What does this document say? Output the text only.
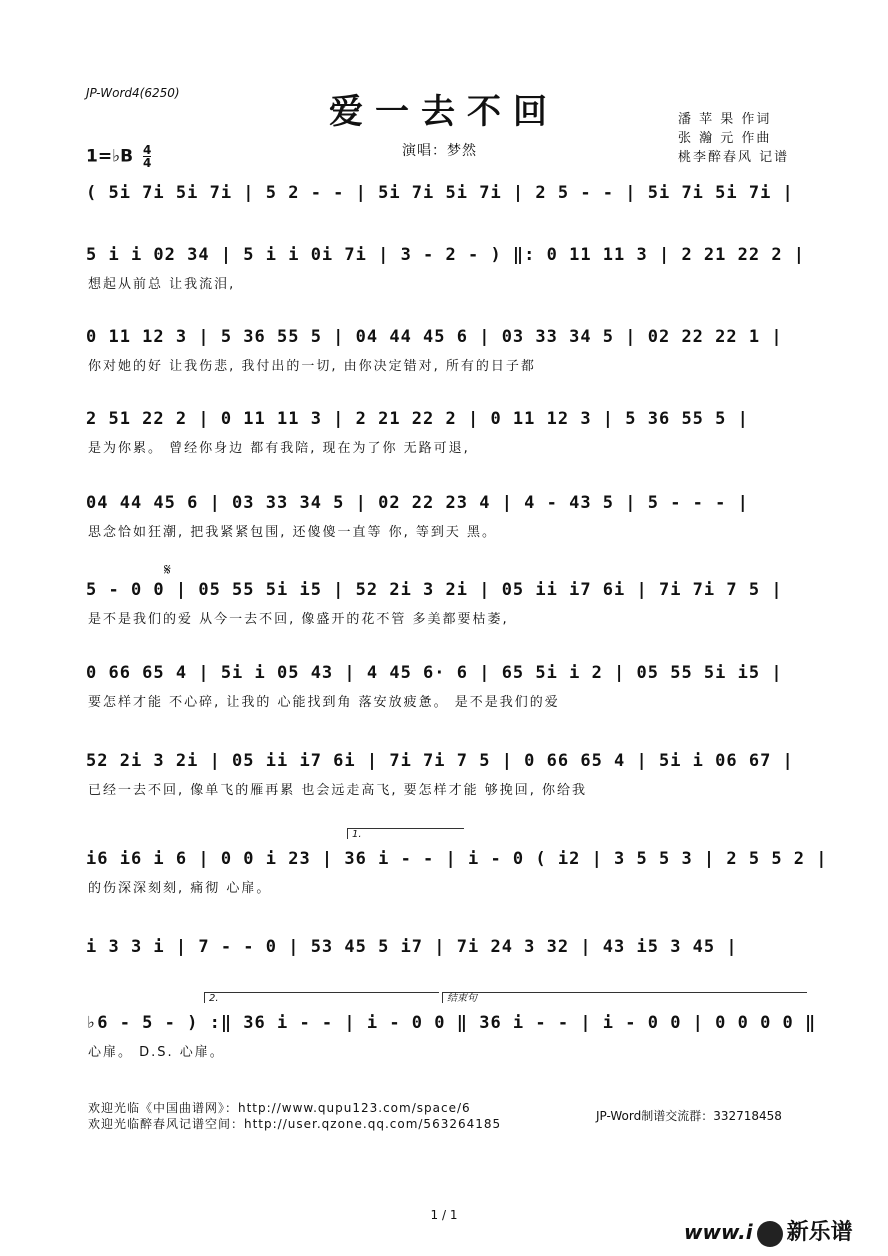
JP-Word4(6250)	爱一去不回	潘 苹 果 作词
张 瀚 元 作曲
桃李醉春风 记谱
1=♭B $\frac{4}{4}$	演唱：梦然
( 5i 7i 5i 7i | 5 2 - - | 5i 7i 5i 7i | 2 5 - - | 5i 7i 5i 7i |
5 i i 02 34 | 5 i i 0i 7i | 3 - 2 - ) ‖: 0 11 11 3 | 2 21 22 2 |
想起从前总 让我流泪,
0 11 12 3 | 5 36 55 5 | 04 44 45 6 | 03 33 34 5 | 02 22 22 1 |
你对她的好 让我伤悲, 我付出的一切, 由你决定错对, 所有的日子都
2 51 22 2 | 0 11 11 3 | 2 21 22 2 | 0 11 12 3 | 5 36 55 5 |
是为你累。 曾经你身边 都有我陪, 现在为了你 无路可退,
04 44 45 6 | 03 33 34 5 | 02 22 23 4 | 4 - 43 5 | 5 - - - |
思念恰如狂潮, 把我紧紧包围, 还傻傻一直等 你, 等到天 黑。
5 - 0 0 | 05 55 5i i5 | 52 2i 3 2i | 05 ii i7 6i | 7i 7i 7 5 |
是不是我们的爱 从今一去不回, 像盛开的花不管 多美都要枯萎,
0 66 65 4 | 5i i 05 43 | 4 45 6· 6 | 65 5i i 2 | 05 55 5i i5 |
要怎样才能 不心碎, 让我的 心能找到角 落安放疲惫。 是不是我们的爱
52 2i 3 2i | 05 ii i7 6i | 7i 7i 7 5 | 0 66 65 4 | 5i i 06 67 |
已经一去不回, 像单飞的雁再累 也会远走高飞, 要怎样才能 够挽回, 你给我
i6 i6 i 6 | 0 0 i 23 | 36 i - - | i - 0 ( i2 | 3 5 5 3 | 2 5 5 2 |
的伤深深刻刻, 痛彻 心扉。
i 3 3 i | 7 - - 0 | 53 45 5 i7 | 7i 24 3 32 | 43 i5 3 45 |
♭6 - 5 - ) :‖ 36 i - - | i - 0 0 ‖ 36 i - - | i - 0 0 | 0 0 0 0 ‖
心扉。 D.S. 心扉。
1.
2.	结束句
𝄋
欢迎光临《中国曲谱网》：http://www.qupu123.com/space/6
欢迎光临醉春风记谱空间：http://user.qzone.qq.com/563264185
JP-Word制谱交流群：332718458
1 / 1
www.i 新乐谱
